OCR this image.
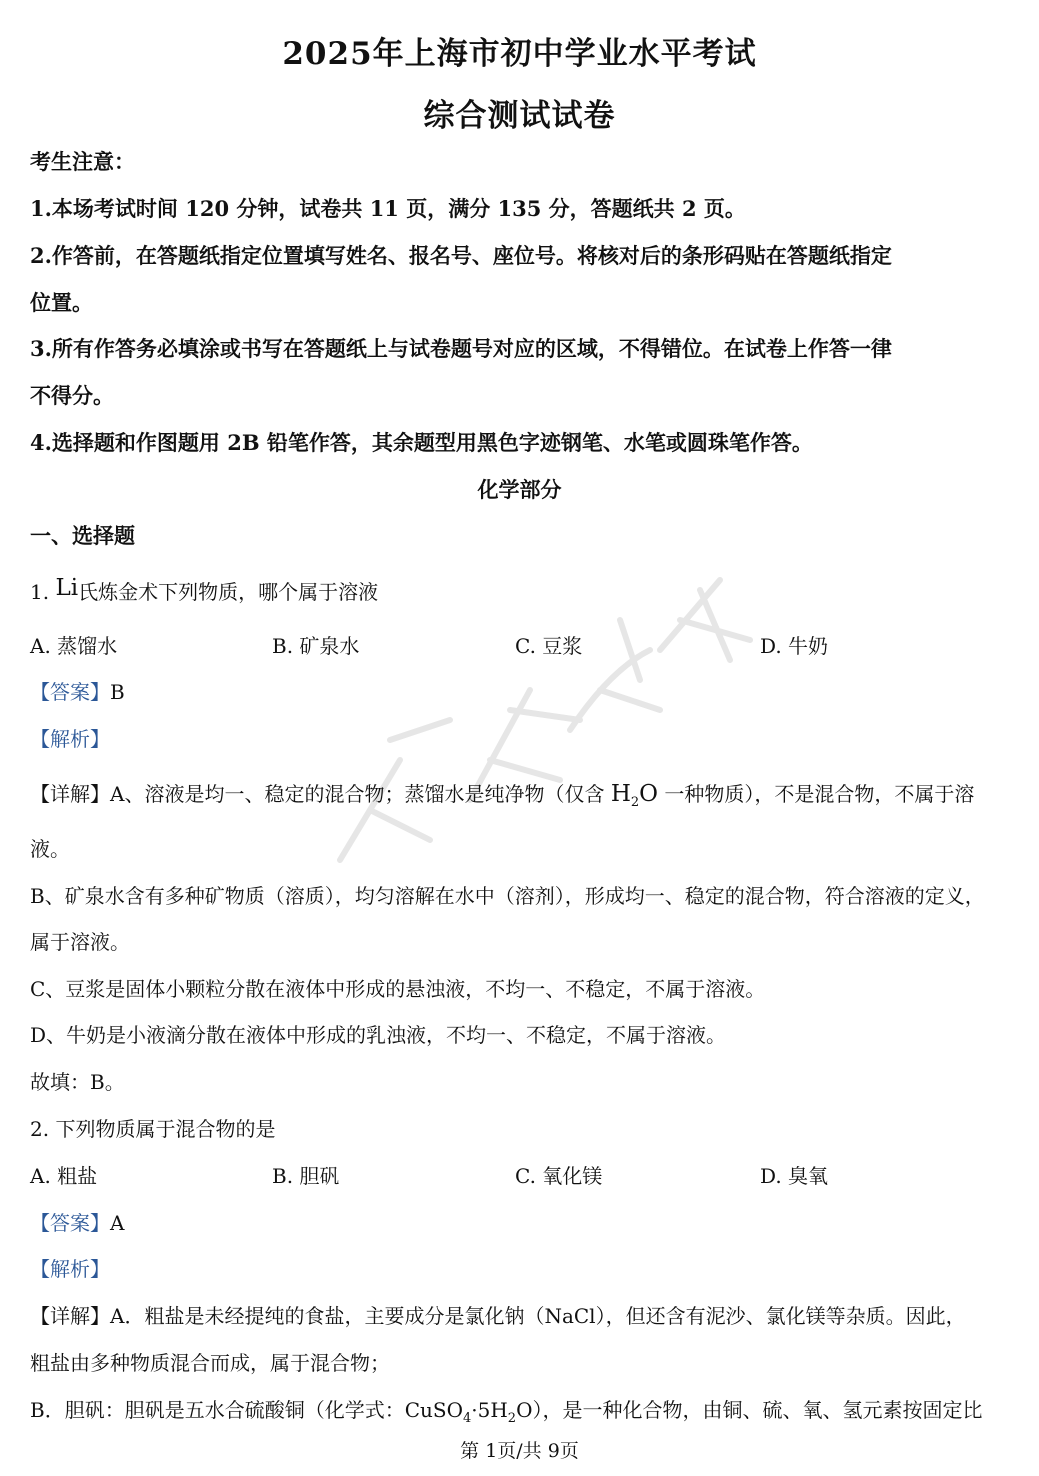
2025年上海市初中学业水平考试
综合测试试卷
考生注意：
1.本场考试时间 120 分钟，试卷共 11 页，满分 135 分，答题纸共 2 页。
2.作答前，在答题纸指定位置填写姓名、报名号、座位号。将核对后的条形码贴在答题纸指定
位置。
3.所有作答务必填涂或书写在答题纸上与试卷题号对应的区域，不得错位。在试卷上作答一律
不得分。
4.选择题和作图题用 2B 铅笔作答，其余题型用黑色字迹钢笔、水笔或圆珠笔作答。
化学部分
一、选择题
1. Li氏炼金术下列物质，哪个属于溶液
A. 蒸馏水	B. 矿泉水	C. 豆浆	D. 牛奶
【答案】B
【解析】
【详解】A、溶液是均一、稳定的混合物；蒸馏水是纯净物（仅含 $H_2O$ 一种物质），不是混合物，不属于溶
液。
B、矿泉水含有多种矿物质（溶质），均匀溶解在水中（溶剂），形成均一、稳定的混合物，符合溶液的定义，
属于溶液。
C、豆浆是固体小颗粒分散在液体中形成的悬浊液，不均一、不稳定，不属于溶液。
D、牛奶是小液滴分散在液体中形成的乳浊液，不均一、不稳定，不属于溶液。
故填：B。
2. 下列物质属于混合物的是
A. 粗盐	B. 胆矾	C. 氧化镁	D. 臭氧
【答案】A
【解析】
【详解】A．粗盐是未经提纯的食盐，主要成分是氯化钠（NaCl），但还含有泥沙、氯化镁等杂质。因此，
粗盐由多种物质混合而成，属于混合物；
B．胆矾：胆矾是五水合硫酸铜（化学式：$CuSO_4\cdot 5H_2O$），是一种化合物，由铜、硫、氧、氢元素按固定比
第 1页/共 9页
